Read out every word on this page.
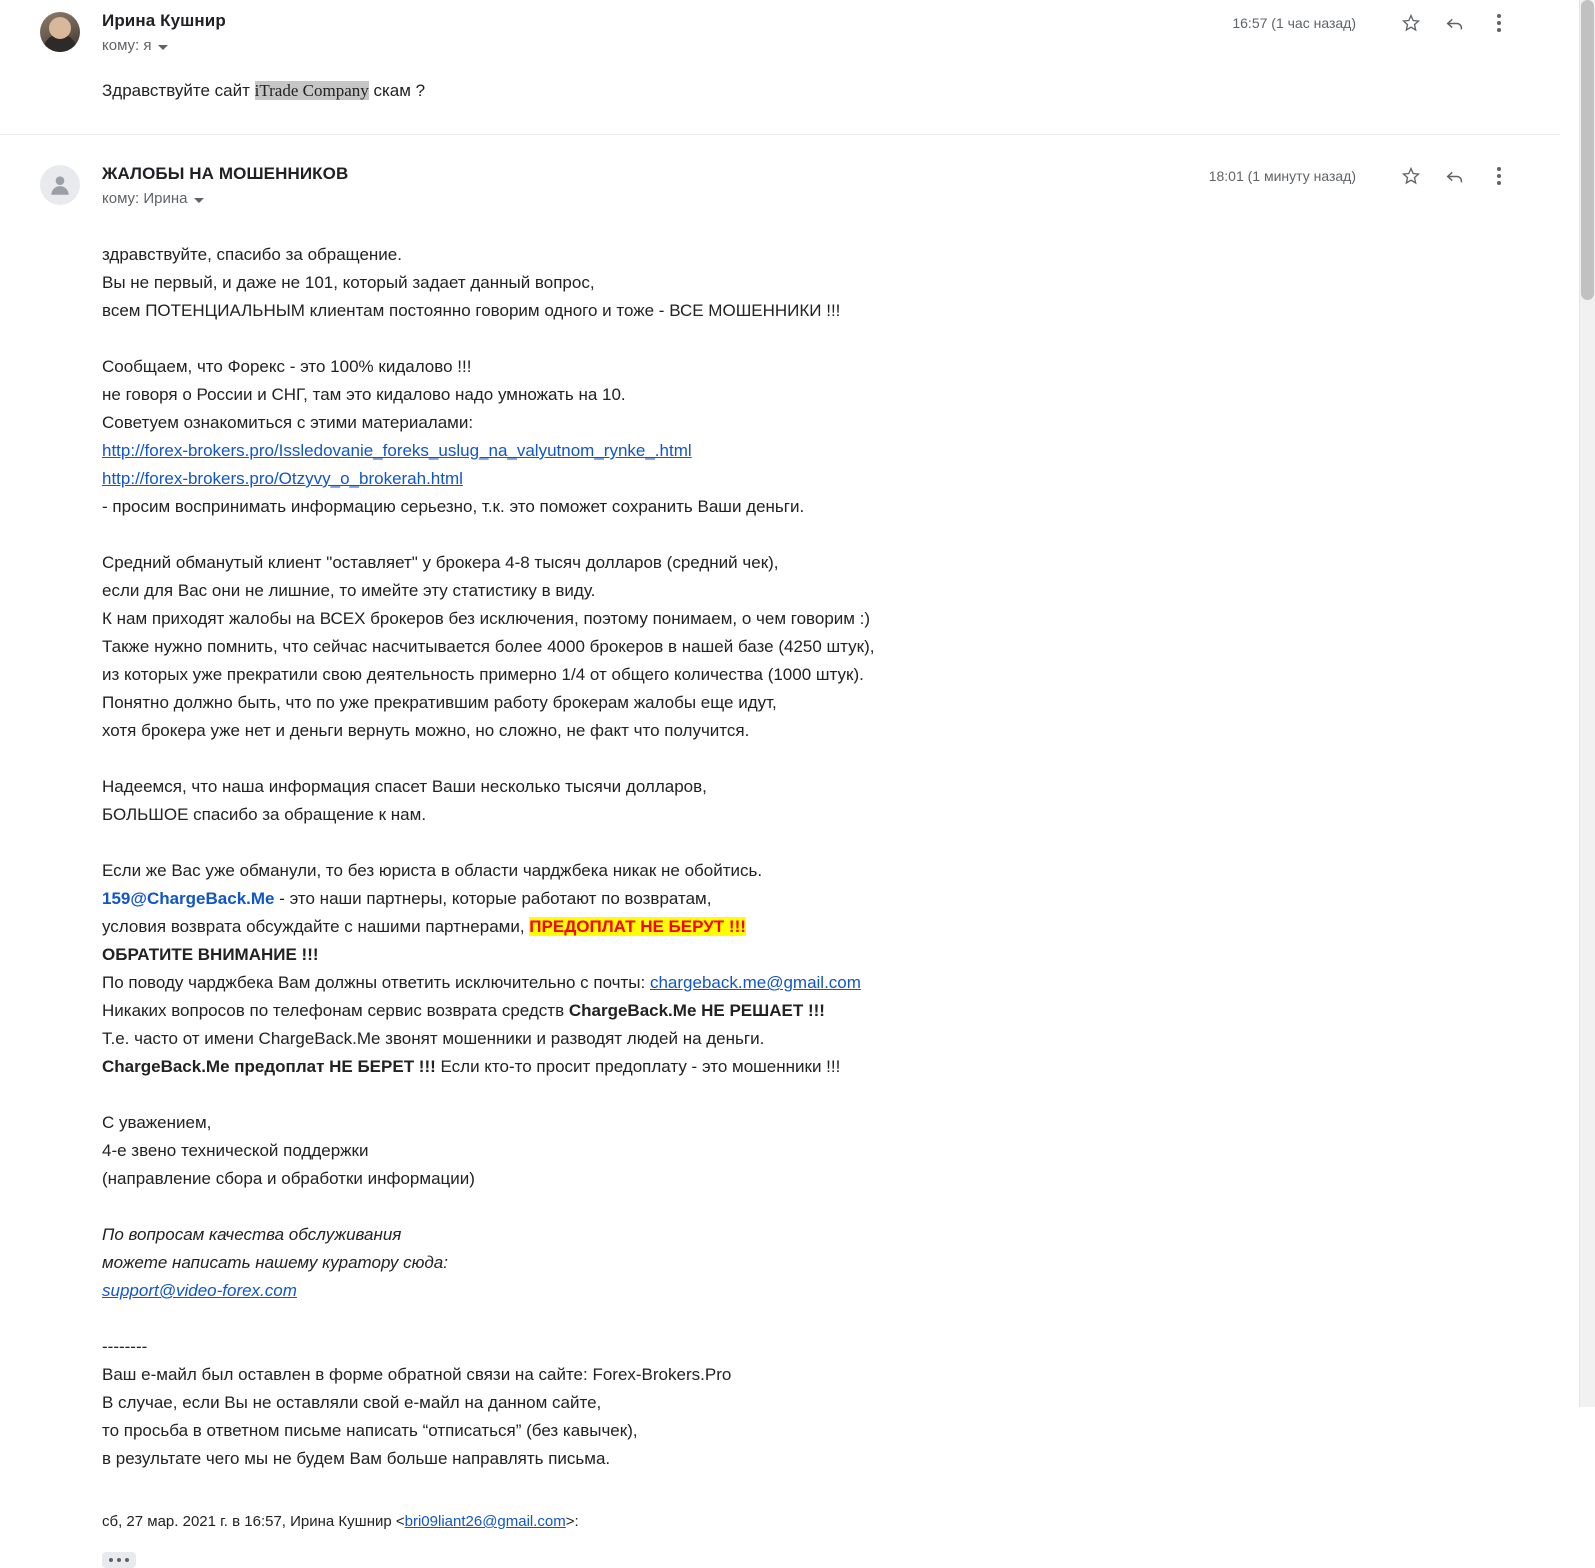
Ирина Кушнир
кому: я
16:57 (1 час назад)

Здравствуйте сайт iTrade Company скам ?

ЖАЛОБЫ НА МОШЕННИКОВ
кому: Ирина
18:01 (1 минуту назад)

здравствуйте, спасибо за обращение.

Вы не первый, и даже не 101, который задает данный вопрос,

всем ПОТЕНЦИАЛЬНЫМ клиентам постоянно говорим одного и тоже - ВСЕ МОШЕННИКИ !!!

Сообщаем, что Форекс - это 100% кидалово !!!

не говоря о России и СНГ, там это кидалово надо умножать на 10.

Советуем ознакомиться с этими материалами:

http://forex-brokers.pro/Issledovanie_foreks_uslug_na_valyutnom_rynke_.html

http://forex-brokers.pro/Otzyvy_o_brokerah.html

- просим воспринимать информацию серьезно, т.к. это поможет сохранить Ваши деньги.

Средний обманутый клиент "оставляет" у брокера 4-8 тысяч долларов (средний чек),

если для Вас они не лишние, то имейте эту статистику в виду.

К нам приходят жалобы на ВСЕХ брокеров без исключения, поэтому понимаем, о чем говорим :)

Также нужно помнить, что сейчас насчитывается более 4000 брокеров в нашей базе (4250 штук),

из которых уже прекратили свою деятельность примерно 1/4 от общего количества (1000 штук).

Понятно должно быть, что по уже прекратившим работу брокерам жалобы еще идут,

хотя брокера уже нет и деньги вернуть можно, но сложно, не факт что получится.

Надеемся, что наша информация спасет Ваши несколько тысячи долларов,

БОЛЬШОЕ спасибо за обращение к нам.

Если же Вас уже обманули, то без юриста в области чарджбека никак не обойтись.

159@ChargeBack.Me - это наши партнеры, которые работают по возвратам,

условия возврата обсуждайте с нашими партнерами, ПРЕДОПЛАТ НЕ БЕРУТ !!!

ОБРАТИТЕ ВНИМАНИЕ !!!

По поводу чарджбека Вам должны ответить исключительно с почты: chargeback.me@gmail.com

Никаких вопросов по телефонам сервис возврата средств ChargeBack.Me НЕ РЕШАЕТ !!!

Т.е. часто от имени ChargeBack.Me звонят мошенники и разводят людей на деньги.

ChargeBack.Me предоплат НЕ БЕРЕТ !!! Если кто-то просит предоплату - это мошенники !!!

С уважением,

4-е звено технической поддержки

(направление сбора и обработки информации)

По вопросам качества обслуживания

можете написать нашему куратору сюда:

support@video-forex.com

--------

Ваш е-майл был оставлен в форме обратной связи на сайте: Forex-Brokers.Pro

В случае, если Вы не оставляли свой е-майл на данном сайте,

то просьба в ответном письме написать “отписаться” (без кавычек),

в результате чего мы не будем Вам больше направлять письма.

сб, 27 мар. 2021 г. в 16:57, Ирина Кушнир <bri09liant26@gmail.com>:
